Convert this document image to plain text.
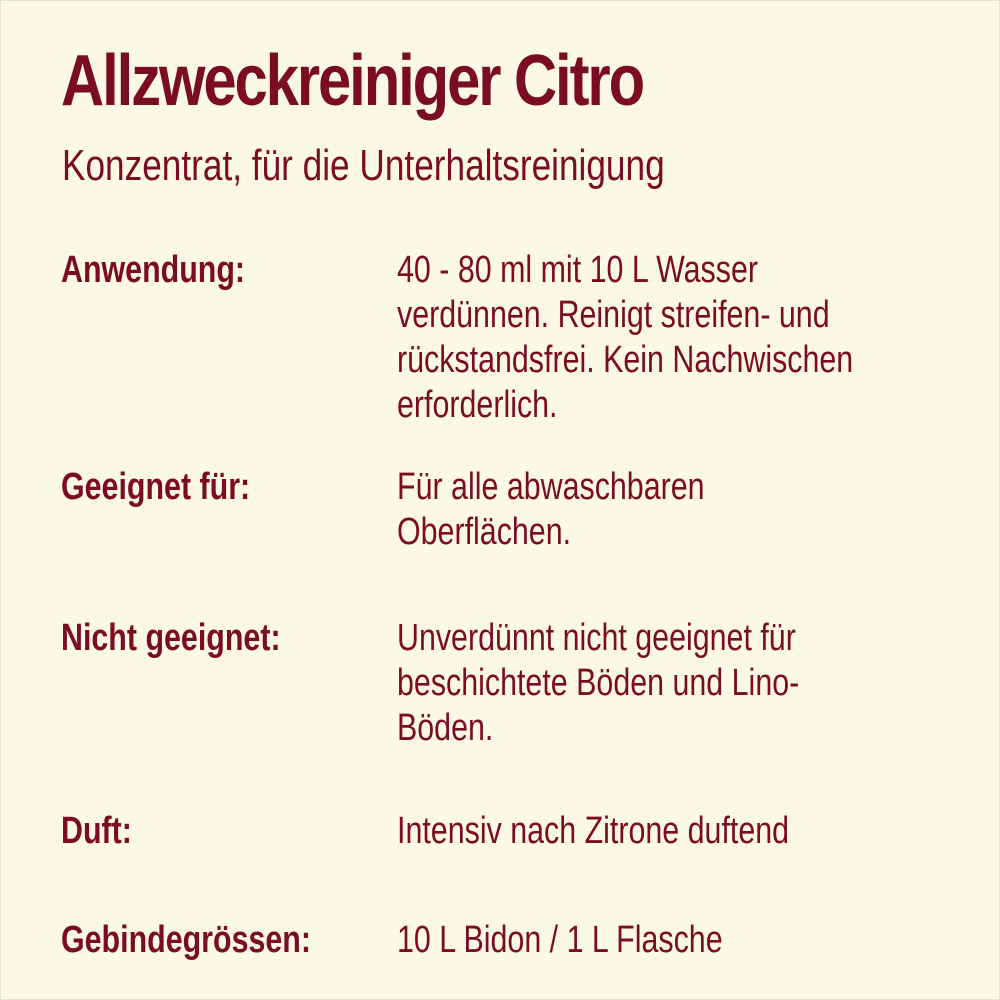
Allzweckreiniger Citro
Konzentrat, für die Unterhaltsreinigung
Anwendung:	40 - 80 ml mit 10 L Wasser
verdünnen. Reinigt streifen- und
rückstandsfrei. Kein Nachwischen
erforderlich.
Geeignet für:	Für alle abwaschbaren
Oberflächen.
Nicht geeignet:	Unverdünnt nicht geeignet für
beschichtete Böden und Lino-
Böden.
Duft:	Intensiv nach Zitrone duftend
Gebindegrössen: 10 L Bidon / 1 L Flasche
